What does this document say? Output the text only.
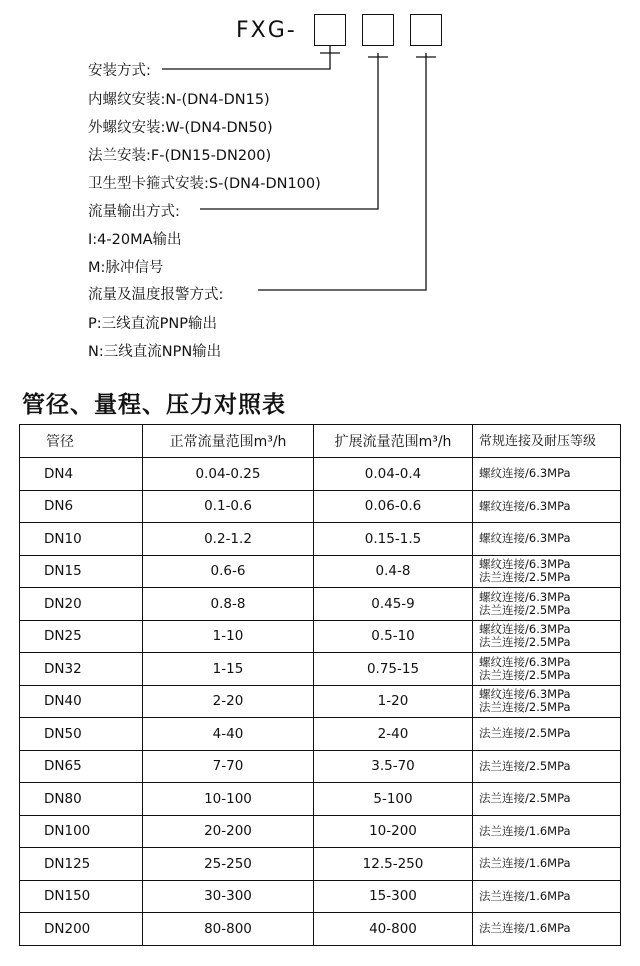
FXG-
安装方式:
内螺纹安装:N-(DN4-DN15)
外螺纹安装:W-(DN4-DN50)
法兰安装:F-(DN15-DN200)
卫生型卡箍式安装:S-(DN4-DN100)
流量输出方式:
I:4-20MA输出
M:脉冲信号
流量及温度报警方式:
P:三线直流PNP输出
N:三线直流NPN输出
管径、量程、压力对照表
管径	正常流量范围m³/h	扩展流量范围m³/h	常规连接及耐压等级
DN4	0.04-0.25	0.04-0.4	螺纹连接/6.3MPa

DN6	0.1-0.6	0.06-0.6	螺纹连接/6.3MPa

DN10	0.2-1.2	0.15-1.5	螺纹连接/6.3MPa

DN15	0.6-6	0.4-8	螺纹连接/6.3MPa
法兰连接/2.5MPa

DN20	0.8-8	0.45-9	螺纹连接/6.3MPa
法兰连接/2.5MPa

DN25	1-10	0.5-10	螺纹连接/6.3MPa
法兰连接/2.5MPa

DN32	1-15	0.75-15	螺纹连接/6.3MPa
法兰连接/2.5MPa

DN40	2-20	1-20	螺纹连接/6.3MPa
法兰连接/2.5MPa

DN50	4-40	2-40	法兰连接/2.5MPa

DN65	7-70	3.5-70	法兰连接/2.5MPa

DN80	10-100	5-100	法兰连接/2.5MPa

DN100	20-200	10-200	法兰连接/1.6MPa

DN125	25-250	12.5-250	法兰连接/1.6MPa

DN150	30-300	15-300	法兰连接/1.6MPa

DN200	80-800	40-800	法兰连接/1.6MPa
